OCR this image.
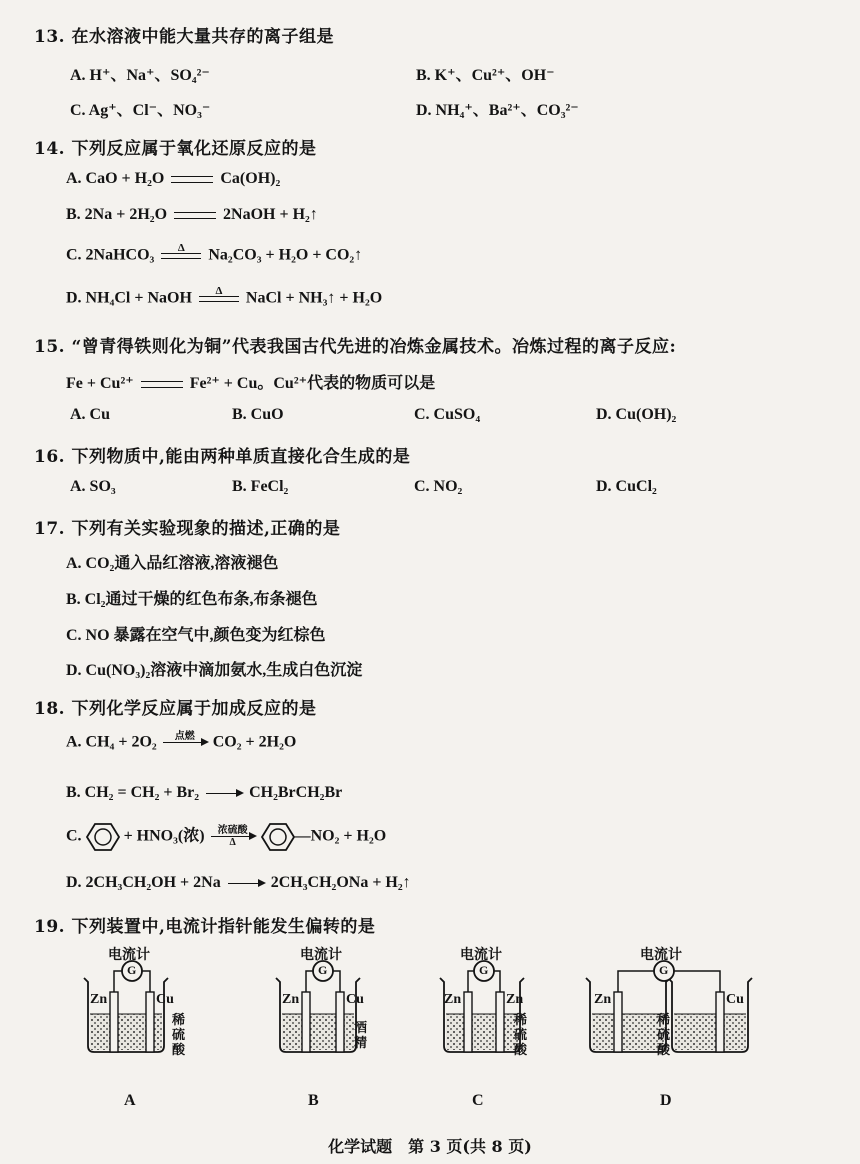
13. 在水溶液中能大量共存的离子组是
A. H⁺、Na⁺、SO₄²⁻	B. K⁺、Cu²⁺、OH⁻
C. Ag⁺、Cl⁻、NO₃⁻	D. NH₄⁺、Ba²⁺、CO₃²⁻
14. 下列反应属于氧化还原反应的是
A. CaO + H₂O	Ca(OH)₂
B. 2Na + 2H₂O	2NaOH + H₂↑
C. 2NaHCO₃	Δ	Na₂CO₃ + H₂O + CO₂↑
D. NH₄Cl + NaOH	Δ	NaCl + NH₃↑ + H₂O
15. “曾青得铁则化为铜”代表我国古代先进的冶炼金属技术。冶炼过程的离子反应:
Fe + Cu²⁺	Fe²⁺ + Cu。Cu²⁺代表的物质可以是
A. Cu	B. CuO	C. CuSO₄	D. Cu(OH)₂
16. 下列物质中,能由两种单质直接化合生成的是
A. SO₃	B. FeCl₂	C. NO₂	D. CuCl₂
17. 下列有关实验现象的描述,正确的是
A. CO₂通入品红溶液,溶液褪色
B. Cl₂通过干燥的红色布条,布条褪色
C. NO 暴露在空气中,颜色变为红棕色
D. Cu(NO₃)₂溶液中滴加氨水,生成白色沉淀
18. 下列化学反应属于加成反应的是
A. CH₄ + 2O₂	点燃
	CO₂ + 2H₂O
B. CH₂ = CH₂ + Br₂ → CH₂BrCH₂Br
C.	+ HNO₃(浓)	浓硫酸
Δ	—NO₂ + H₂O
D. 2CH₃CH₂OH + 2Na → 2CH₃CH₂ONa + H₂↑
19. 下列装置中,电流计指针能发生偏转的是
电流计	电流计	电流计	电流计
G	G	G	G
Zn	Cu	Zn	Cu	Zn	Zn	Zn	Cu
稀硫酸
酒精
稀硫酸
稀硫酸
A	B	C	D
化学试题　第 3 页(共 8 页)
